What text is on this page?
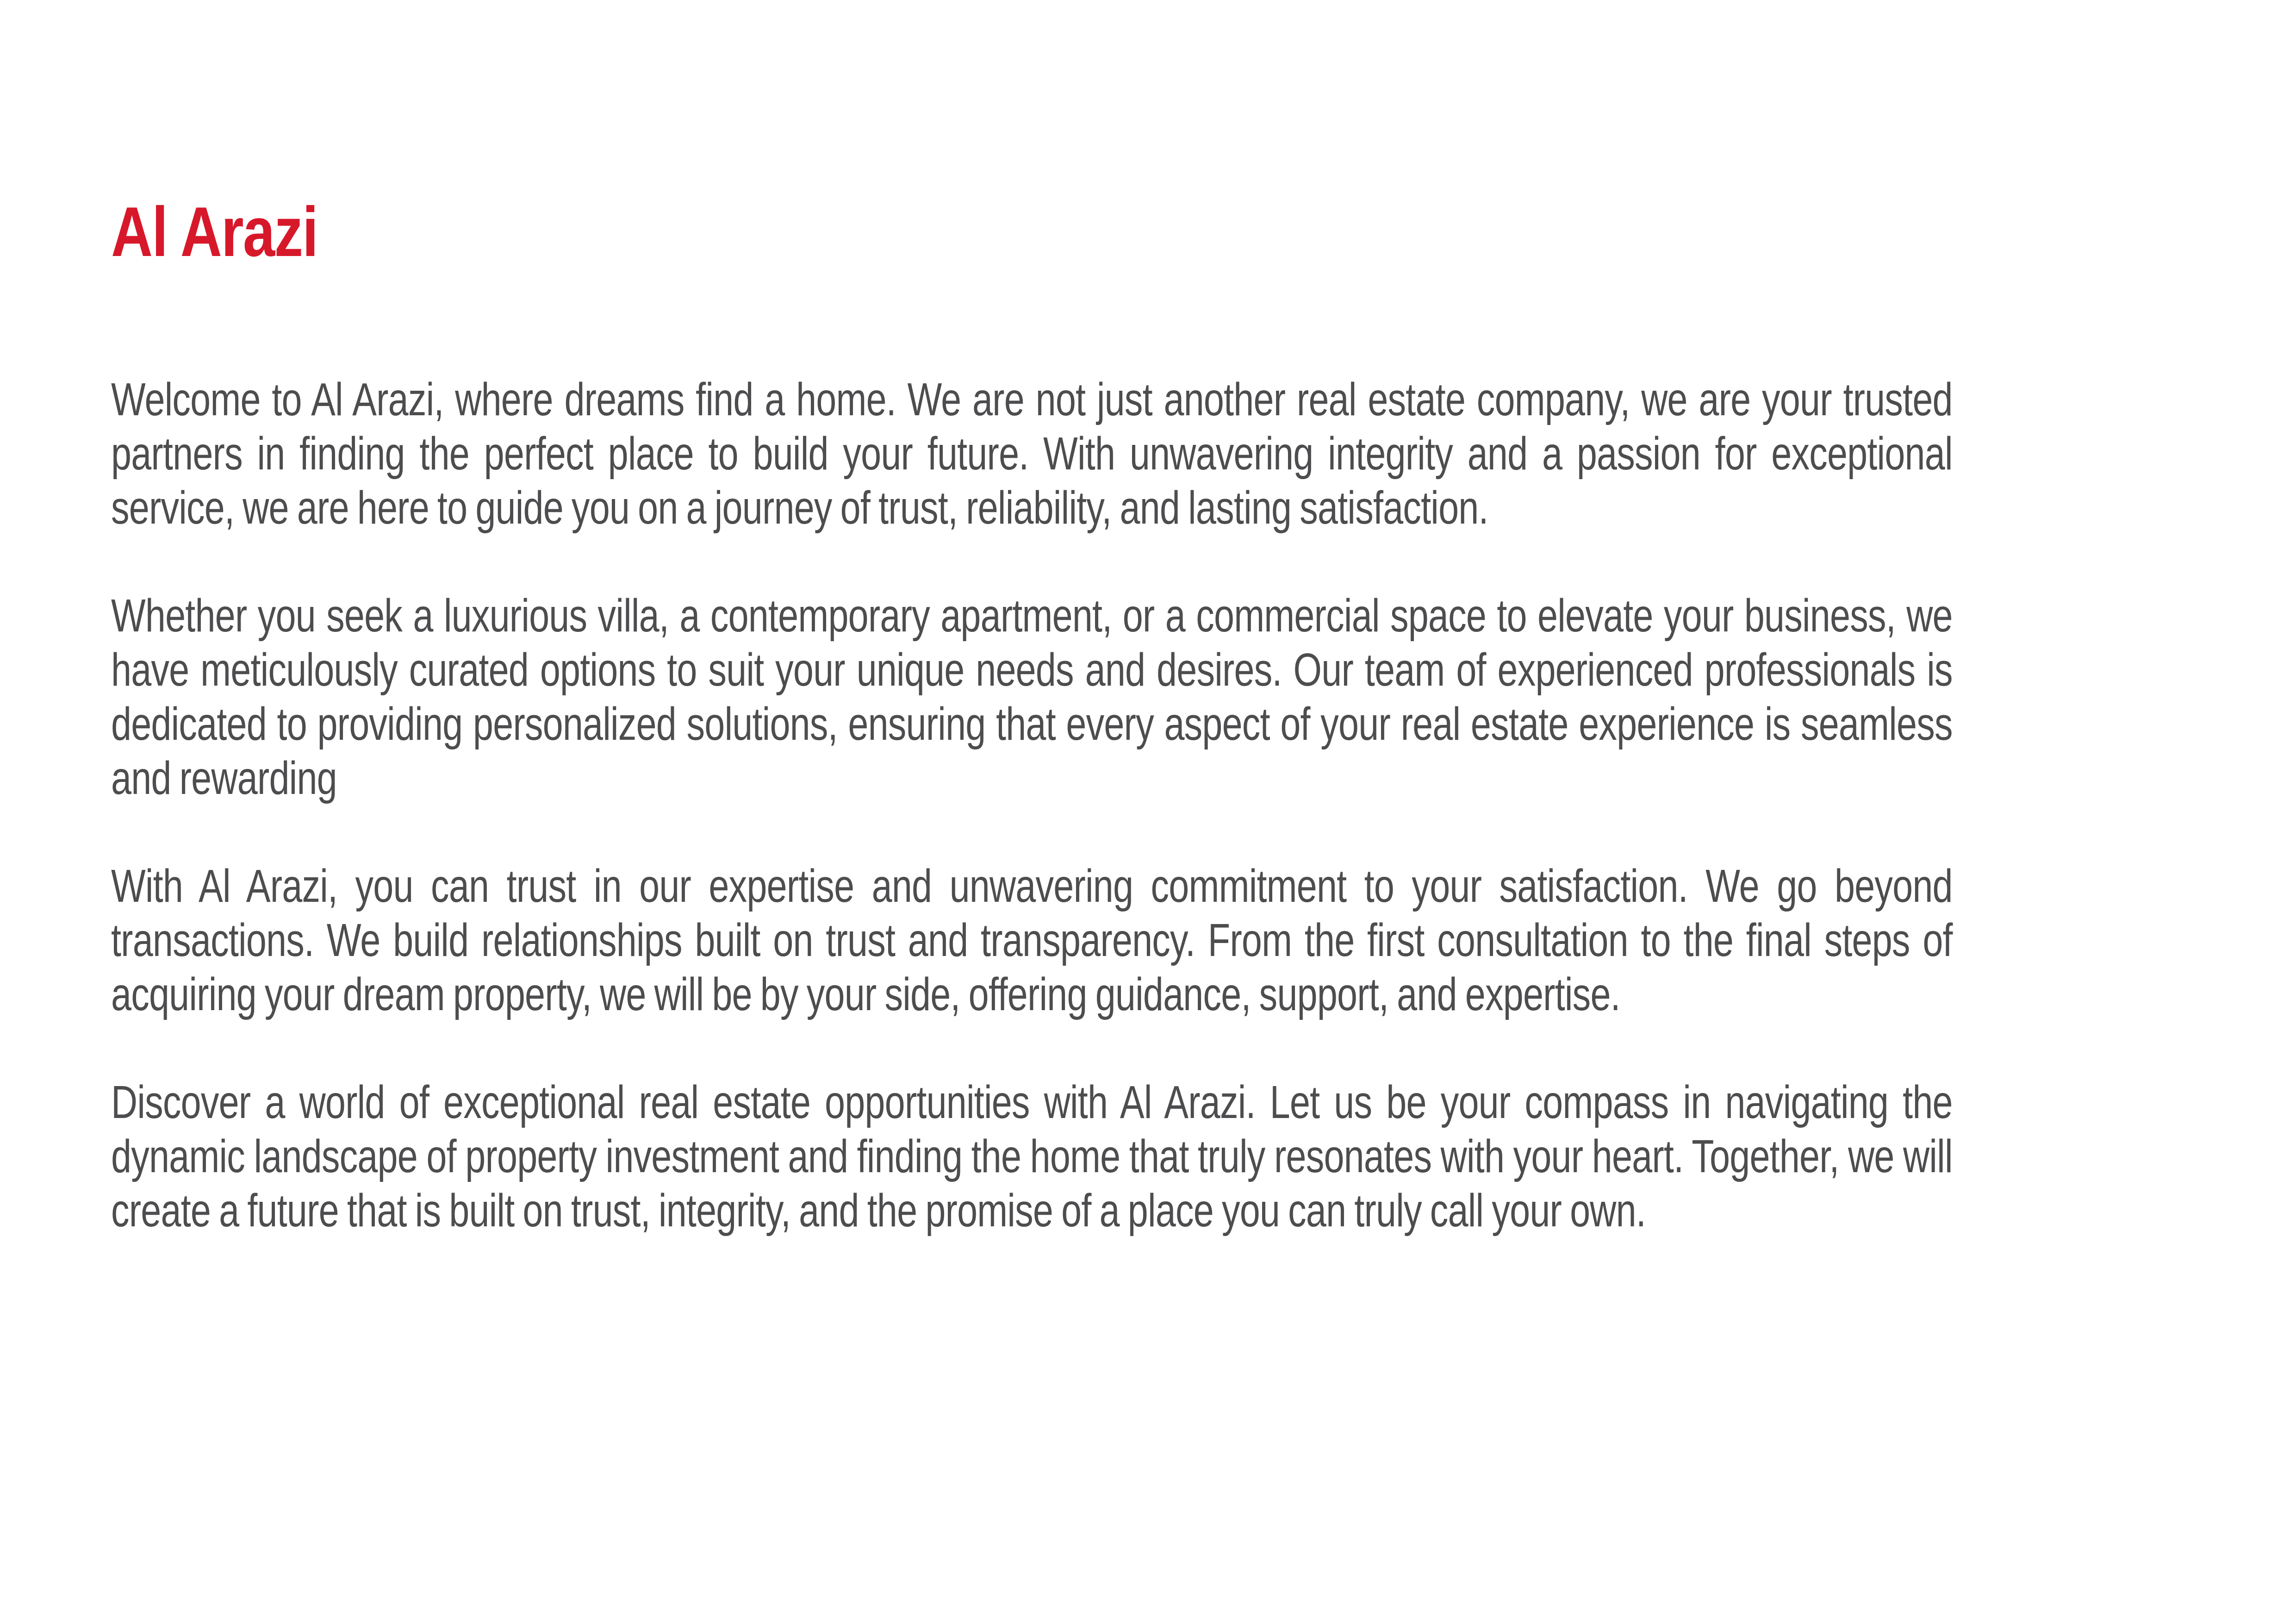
Al Arazi

Welcome to Al Arazi, where dreams find a home. We are not just another real estate company, we are your trusted partners in finding the perfect place to build your future. With unwavering integrity and a passion for exceptional service, we are here to guide you on a journey of trust, reliability, and lasting satisfaction.

Whether you seek a luxurious villa, a contemporary apartment, or a commercial space to elevate your business, we have meticulously curated options to suit your unique needs and desires. Our team of experienced professionals is dedicated to providing personalized solutions, ensuring that every aspect of your real estate experience is seamless and rewarding

With Al Arazi, you can trust in our expertise and unwavering commitment to your satisfaction. We go beyond transactions. We build relationships built on trust and transparency. From the first consultation to the final steps of acquiring your dream property, we will be by your side, offering guidance, support, and expertise.

Discover a world of exceptional real estate opportunities with Al Arazi. Let us be your compass in navigating the dynamic landscape of property investment and finding the home that truly resonates with your heart. Together, we will create a future that is built on trust, integrity, and the promise of a place you can truly call your own.
